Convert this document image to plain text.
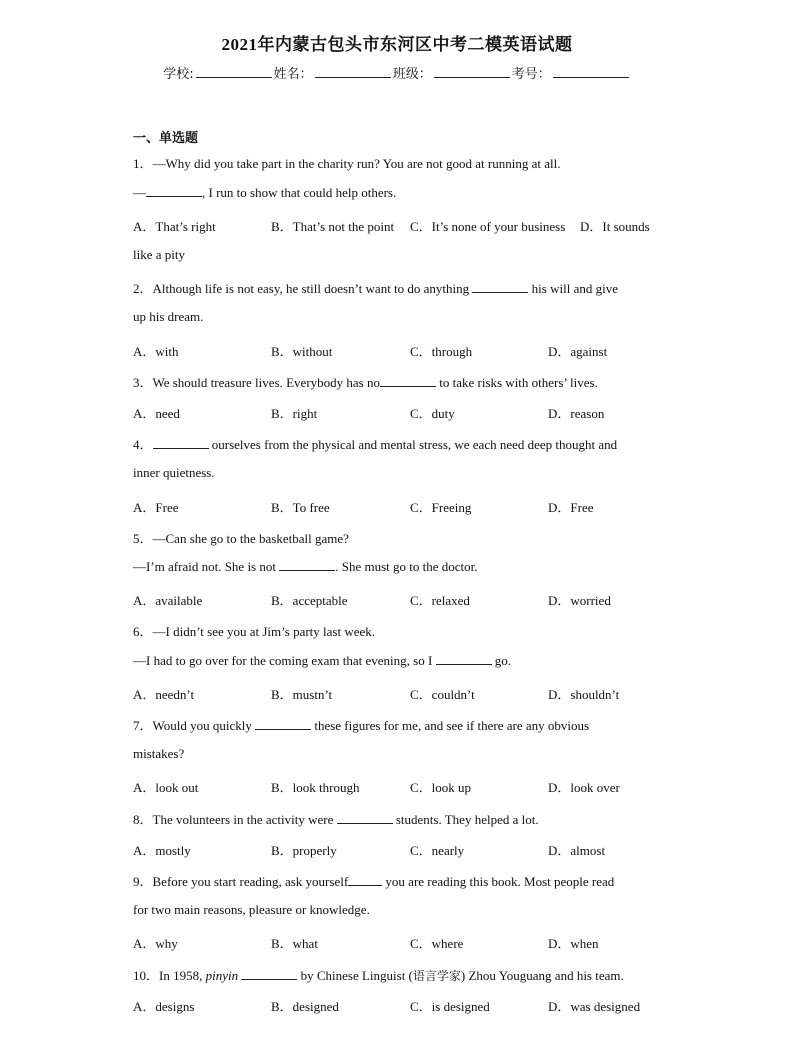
2021年内蒙古包头市东河区中考二模英语试题
学校:	姓名：	班级：	考号：
一、单选题
1．—Why did you take part in the charity run? You are not good at running at all.
—	, I run to show that could help others.
A．That’s right	B．That’s not the point C．It’s none of your business D．It sounds
like a pity
2．Although life is not easy, he still doesn’t want to do anything	his will and give
up his dream.
A．with	B．without	C．through	D．against
3．We should treasure lives. Everybody has no	to take risks with others’ lives.
A．need	B．right	C．duty	D．reason
4．	ourselves from the physical and mental stress, we each need deep thought and
inner quietness.
A．Free	B．To free	C．Freeing	D．Free
5．—Can she go to the basketball game?
—I’m afraid not. She is not	. She must go to the doctor.
A．available	B．acceptable	C．relaxed	D．worried
6．—I didn’t see you at Jim’s party last week.
—I had to go over for the coming exam that evening, so I	go.
A．needn’t	B．mustn’t	C．couldn’t	D．shouldn’t
7．Would you quickly	these figures for me, and see if there are any obvious
mistakes?
A．look out	B．look through	C．look up	D．look over
8．The volunteers in the activity were	students. They helped a lot.
A．mostly	B．properly	C．nearly	D．almost
9．Before you start reading, ask yourself	you are reading this book. Most people read
for two main reasons, pleasure or knowledge.
A．why	B．what	C．where	D．when
10．In 1958, pinyin	by Chinese Linguist (语言学家) Zhou Youguang and his team.
A．designs	B．designed	C．is designed	D．was designed
